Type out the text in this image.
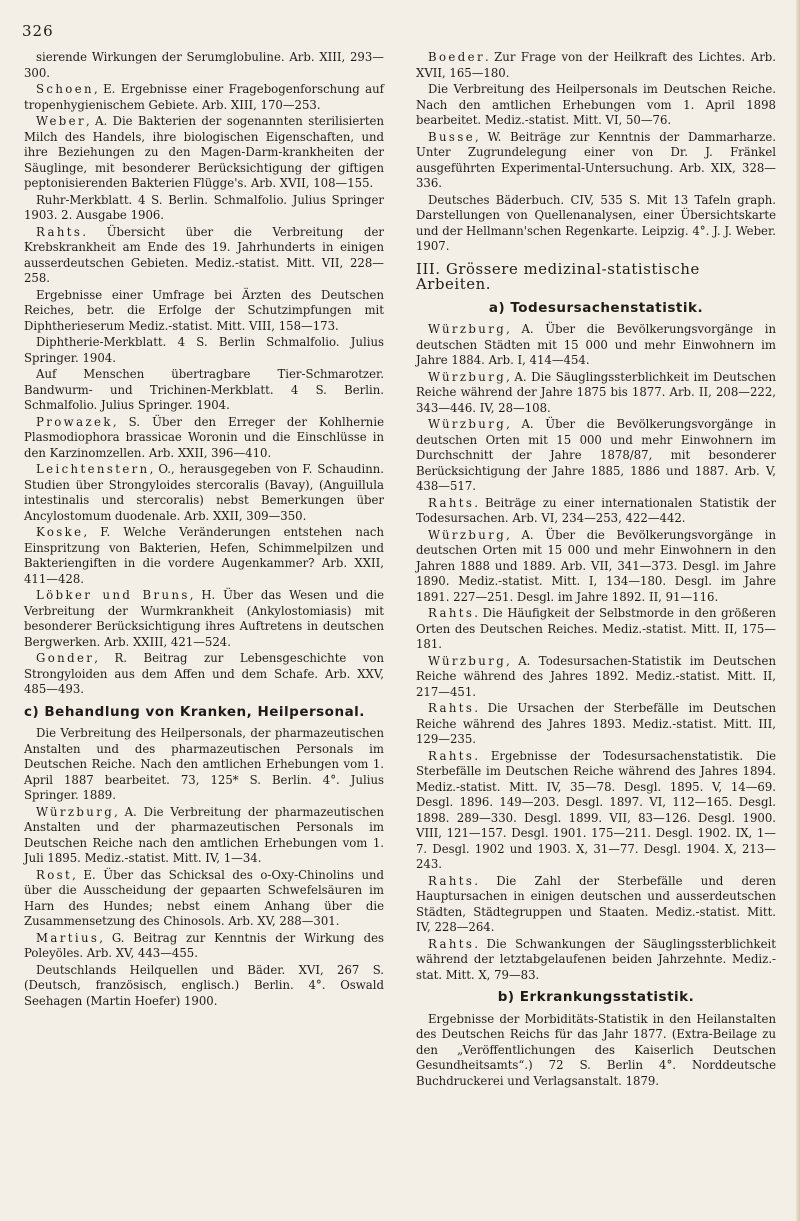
326

sierende Wirkungen der Serumglobuline. Arb. XIII, 293—300.

Schoen, E. Ergebnisse einer Fragebogenforschung auf tropenhygienischem Gebiete. Arb. XIII, 170—253.

Weber, A. Die Bakterien der sogenannten sterilisierten Milch des Handels, ihre biologischen Eigenschaften, und ihre Beziehungen zu den Magen-Darm-krankheiten der Säuglinge, mit besonderer Berücksichtigung der giftigen peptonisierenden Bakterien Flügge's. Arb. XVII, 108—155.

Ruhr-Merkblatt. 4 S. Berlin. Schmalfolio. Julius Springer 1903. 2. Ausgabe 1906.

Rahts. Übersicht über die Verbreitung der Krebskrankheit am Ende des 19. Jahrhunderts in einigen ausserdeutschen Gebieten. Mediz.-statist. Mitt. VII, 228—258.

Ergebnisse einer Umfrage bei Ärzten des Deutschen Reiches, betr. die Erfolge der Schutzimpfungen mit Diphtherieserum Mediz.-statist. Mitt. VIII, 158—173.

Diphtherie-Merkblatt. 4 S. Berlin Schmalfolio. Julius Springer. 1904.

Auf Menschen übertragbare Tier-Schmarotzer. Bandwurm- und Trichinen-Merkblatt. 4 S. Berlin. Schmalfolio. Julius Springer. 1904.

Prowazek, S. Über den Erreger der Kohlhernie Plasmodiophora brassicae Woronin und die Einschlüsse in den Karzinomzellen. Arb. XXII, 396—410.

Leichtenstern, O., herausgegeben von F. Schaudinn. Studien über Strongyloides stercoralis (Bavay), (Anguillula intestinalis und stercoralis) nebst Bemerkungen über Ancylostomum duodenale. Arb. XXII, 309—350.

Koske, F. Welche Veränderungen entstehen nach Einspritzung von Bakterien, Hefen, Schimmelpilzen und Bakteriengiften in die vordere Augenkammer? Arb. XXII, 411—428.

Löbker und Bruns, H. Über das Wesen und die Verbreitung der Wurmkrankheit (Ankylostomiasis) mit besonderer Berücksichtigung ihres Auftretens in deutschen Bergwerken. Arb. XXIII, 421—524.

Gonder, R. Beitrag zur Lebensgeschichte von Strongyloiden aus dem Affen und dem Schafe. Arb. XXV, 485—493.

c) Behandlung von Kranken, Heilpersonal.

Die Verbreitung des Heilpersonals, der pharmazeutischen Anstalten und des pharmazeutischen Personals im Deutschen Reiche. Nach den amtlichen Erhebungen vom 1. April 1887 bearbeitet. 73, 125* S. Berlin. 4°. Julius Springer. 1889.

Würzburg, A. Die Verbreitung der pharmazeutischen Anstalten und der pharmazeutischen Personals im Deutschen Reiche nach den amtlichen Erhebungen vom 1. Juli 1895. Mediz.-statist. Mitt. IV, 1—34.

Rost, E. Über das Schicksal des o-Oxy-Chinolins und über die Ausscheidung der gepaarten Schwefelsäuren im Harn des Hundes; nebst einem Anhang über die Zusammensetzung des Chinosols. Arb. XV, 288—301.

Martius, G. Beitrag zur Kenntnis der Wirkung des Poleyöles. Arb. XV, 443—455.

Deutschlands Heilquellen und Bäder. XVI, 267 S. (Deutsch, französisch, englisch.) Berlin. 4°. Oswald Seehagen (Martin Hoefer) 1900.

Boeder. Zur Frage von der Heilkraft des Lichtes. Arb. XVII, 165—180.

Die Verbreitung des Heilpersonals im Deutschen Reiche. Nach den amtlichen Erhebungen vom 1. April 1898 bearbeitet. Mediz.-statist. Mitt. VI, 50—76.

Busse, W. Beiträge zur Kenntnis der Dammarharze. Unter Zugrundelegung einer von Dr. J. Fränkel ausgeführten Experimental-Untersuchung. Arb. XIX, 328—336.

Deutsches Bäderbuch. CIV, 535 S. Mit 13 Tafeln graph. Darstellungen von Quellenanalysen, einer Übersichtskarte und der Hellmann'schen Regenkarte. Leipzig. 4°. J. J. Weber. 1907.

III. Grössere medizinal-statistische Arbeiten.
a) Todesursachenstatistik.

Würzburg, A. Über die Bevölkerungsvorgänge in deutschen Städten mit 15 000 und mehr Einwohnern im Jahre 1884. Arb. I, 414—454.

Würzburg, A. Die Säuglingssterblichkeit im Deutschen Reiche während der Jahre 1875 bis 1877. Arb. II, 208—222, 343—446. IV, 28—108.

Würzburg, A. Über die Bevölkerungsvorgänge in deutschen Orten mit 15 000 und mehr Einwohnern im Durchschnitt der Jahre 1878/87, mit besonderer Berücksichtigung der Jahre 1885, 1886 und 1887. Arb. V, 438—517.

Rahts. Beiträge zu einer internationalen Statistik der Todesursachen. Arb. VI, 234—253, 422—442.

Würzburg, A. Über die Bevölkerungsvorgänge in deutschen Orten mit 15 000 und mehr Einwohnern in den Jahren 1888 und 1889. Arb. VII, 341—373. Desgl. im Jahre 1890. Mediz.-statist. Mitt. I, 134—180. Desgl. im Jahre 1891. 227—251. Desgl. im Jahre 1892. II, 91—116.

Rahts. Die Häufigkeit der Selbstmorde in den größeren Orten des Deutschen Reiches. Mediz.-statist. Mitt. II, 175—181.

Würzburg, A. Todesursachen-Statistik im Deutschen Reiche während des Jahres 1892. Mediz.-statist. Mitt. II, 217—451.

Rahts. Die Ursachen der Sterbefälle im Deutschen Reiche während des Jahres 1893. Mediz.-statist. Mitt. III, 129—235.

Rahts. Ergebnisse der Todesursachenstatistik. Die Sterbefälle im Deutschen Reiche während des Jahres 1894. Mediz.-statist. Mitt. IV, 35—78. Desgl. 1895. V, 14—69. Desgl. 1896. 149—203. Desgl. 1897. VI, 112—165. Desgl. 1898. 289—330. Desgl. 1899. VII, 83—126. Desgl. 1900. VIII, 121—157. Desgl. 1901. 175—211. Desgl. 1902. IX, 1—7. Desgl. 1902 und 1903. X, 31—77. Desgl. 1904. X, 213—243.

Rahts. Die Zahl der Sterbefälle und deren Hauptursachen in einigen deutschen und ausserdeutschen Städten, Städtegruppen und Staaten. Mediz.-statist. Mitt. IV, 228—264.

Rahts. Die Schwankungen der Säuglingssterblichkeit während der letztabgelaufenen beiden Jahrzehnte. Mediz.-stat. Mitt. X, 79—83.

b) Erkrankungsstatistik.

Ergebnisse der Morbiditäts-Statistik in den Heilanstalten des Deutschen Reichs für das Jahr 1877. (Extra-Beilage zu den „Veröffentlichungen des Kaiserlich Deutschen Gesundheitsamts“.) 72 S. Berlin 4°. Norddeutsche Buchdruckerei und Verlagsanstalt. 1879.
